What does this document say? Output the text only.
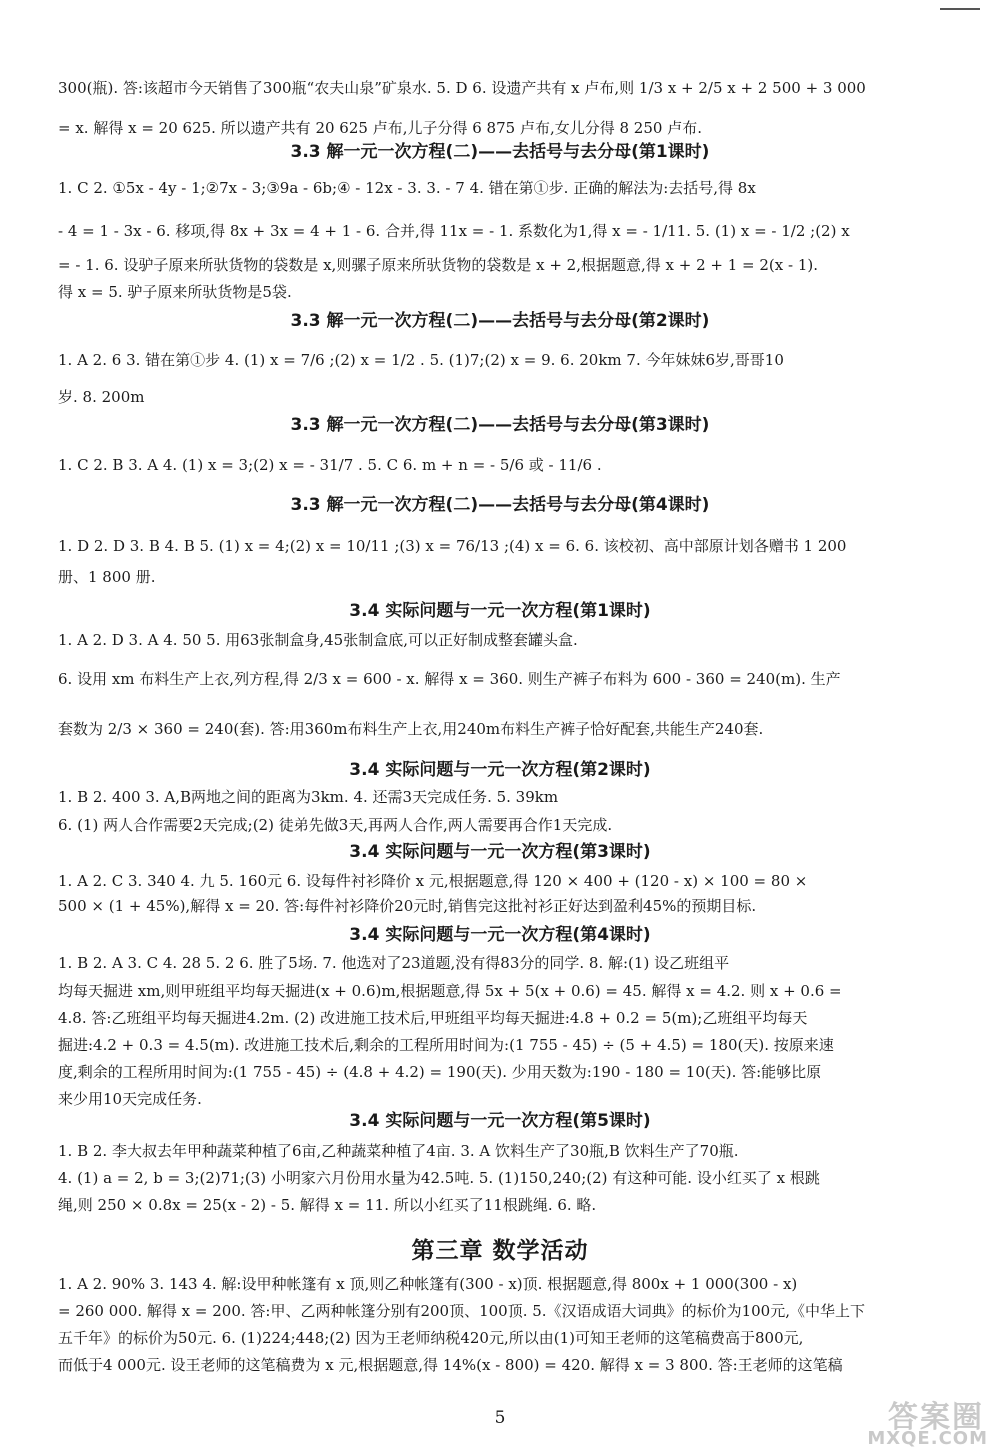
300(瓶). 答:该超市今天销售了300瓶“农夫山泉”矿泉水. 5. D 6. 设遗产共有 x 卢布,则 1/3 x + 2/5 x + 2 500 + 3 000
= x. 解得 x = 20 625. 所以遗产共有 20 625 卢布,儿子分得 6 875 卢布,女儿分得 8 250 卢布.
3.3 解一元一次方程(二)——去括号与去分母(第1课时)
1. C 2. ①5x - 4y - 1;②7x - 3;③9a - 6b;④ - 12x - 3. 3. - 7 4. 错在第①步. 正确的解法为:去括号,得 8x
- 4 = 1 - 3x - 6. 移项,得 8x + 3x = 4 + 1 - 6. 合并,得 11x = - 1. 系数化为1,得 x = - 1/11. 5. (1) x = - 1/2 ;(2) x
= - 1. 6. 设驴子原来所驮货物的袋数是 x,则骡子原来所驮货物的袋数是 x + 2,根据题意,得 x + 2 + 1 = 2(x - 1).
得 x = 5. 驴子原来所驮货物是5袋.
3.3 解一元一次方程(二)——去括号与去分母(第2课时)
1. A 2. 6 3. 错在第①步 4. (1) x = 7/6 ;(2) x = 1/2 . 5. (1)7;(2) x = 9. 6. 20km 7. 今年妹妹6岁,哥哥10
岁. 8. 200m
3.3 解一元一次方程(二)——去括号与去分母(第3课时)
1. C 2. B 3. A 4. (1) x = 3;(2) x = - 31/7 . 5. C 6. m + n = - 5/6 或 - 11/6 .
3.3 解一元一次方程(二)——去括号与去分母(第4课时)
1. D 2. D 3. B 4. B 5. (1) x = 4;(2) x = 10/11 ;(3) x = 76/13 ;(4) x = 6. 6. 该校初、高中部原计划各赠书 1 200
册、1 800 册.
3.4 实际问题与一元一次方程(第1课时)
1. A 2. D 3. A 4. 50 5. 用63张制盒身,45张制盒底,可以正好制成整套罐头盒.
6. 设用 xm 布料生产上衣,列方程,得 2/3 x = 600 - x. 解得 x = 360. 则生产裤子布料为 600 - 360 = 240(m). 生产
套数为 2/3 × 360 = 240(套). 答:用360m布料生产上衣,用240m布料生产裤子恰好配套,共能生产240套.
3.4 实际问题与一元一次方程(第2课时)
1. B 2. 400 3. A,B两地之间的距离为3km. 4. 还需3天完成任务. 5. 39km
6. (1) 两人合作需要2天完成;(2) 徒弟先做3天,再两人合作,两人需要再合作1天完成.
3.4 实际问题与一元一次方程(第3课时)
1. A 2. C 3. 340 4. 九 5. 160元 6. 设每件衬衫降价 x 元,根据题意,得 120 × 400 + (120 - x) × 100 = 80 ×
500 × (1 + 45%),解得 x = 20. 答:每件衬衫降价20元时,销售完这批衬衫正好达到盈利45%的预期目标.
3.4 实际问题与一元一次方程(第4课时)
1. B 2. A 3. C 4. 28 5. 2 6. 胜了5场. 7. 他选对了23道题,没有得83分的同学. 8. 解:(1) 设乙班组平
均每天掘进 xm,则甲班组平均每天掘进(x + 0.6)m,根据题意,得 5x + 5(x + 0.6) = 45. 解得 x = 4.2. 则 x + 0.6 =
4.8. 答:乙班组平均每天掘进4.2m. (2) 改进施工技术后,甲班组平均每天掘进:4.8 + 0.2 = 5(m);乙班组平均每天
掘进:4.2 + 0.3 = 4.5(m). 改进施工技术后,剩余的工程所用时间为:(1 755 - 45) ÷ (5 + 4.5) = 180(天). 按原来速
度,剩余的工程所用时间为:(1 755 - 45) ÷ (4.8 + 4.2) = 190(天). 少用天数为:190 - 180 = 10(天). 答:能够比原
来少用10天完成任务.
3.4 实际问题与一元一次方程(第5课时)
1. B 2. 李大叔去年甲种蔬菜种植了6亩,乙种蔬菜种植了4亩. 3. A 饮料生产了30瓶,B 饮料生产了70瓶.
4. (1) a = 2, b = 3;(2)71;(3) 小明家六月份用水量为42.5吨. 5. (1)150,240;(2) 有这种可能. 设小红买了 x 根跳
绳,则 250 × 0.8x = 25(x - 2) - 5. 解得 x = 11. 所以小红买了11根跳绳. 6. 略.
第三章 数学活动
1. A 2. 90% 3. 143 4. 解:设甲种帐篷有 x 顶,则乙种帐篷有(300 - x)顶. 根据题意,得 800x + 1 000(300 - x)
= 260 000. 解得 x = 200. 答:甲、乙两种帐篷分别有200顶、100顶. 5.《汉语成语大词典》的标价为100元,《中华上下
五千年》的标价为50元. 6. (1)224;448;(2) 因为王老师纳税420元,所以由(1)可知王老师的这笔稿费高于800元,
而低于4 000元. 设王老师的这笔稿费为 x 元,根据题意,得 14%(x - 800) = 420. 解得 x = 3 800. 答:王老师的这笔稿
5	答案圈
MXQE.COM
